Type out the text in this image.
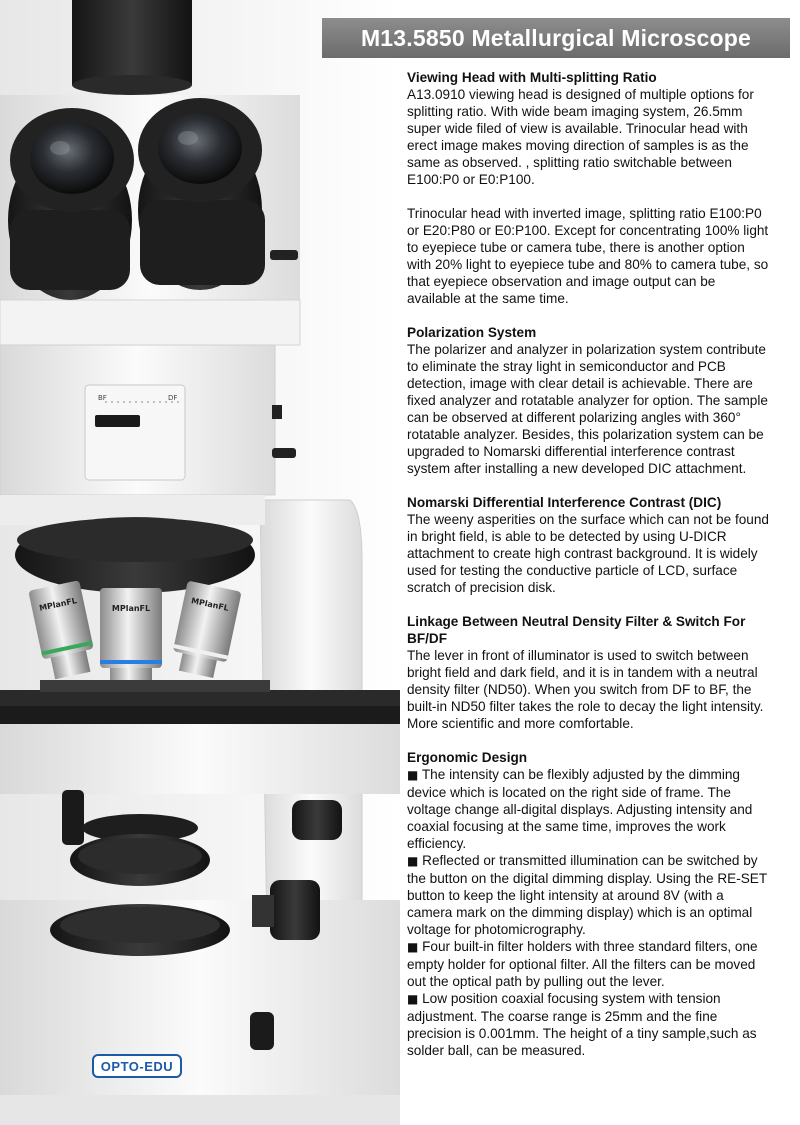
BF	DF
MPlanFL	MPlanFL	MPlanFL
OPTO-EDU
M13.5850 Metallurgical Microscope
Viewing Head with Multi-splitting Ratio

A13.0910 viewing head is designed of multiple options for splitting ratio. With wide beam imaging system, 26.5mm super wide filed of view is available. Trinocular head with erect image makes moving direction of samples is as the same as observed. , splitting ratio switchable between E100:P0 or E0:P100.

Trinocular head with inverted image, splitting ratio E100:P0 or E20:P80 or E0:P100. Except for concentrating 100% light to eyepiece tube or camera tube, there is another option with 20% light to eyepiece tube and 80% to camera tube, so that eyepiece observation and image output can be available at the same time.

Polarization System

The polarizer and analyzer in polarization system contribute to eliminate the stray light in semiconductor and PCB detection, image with clear detail is achievable. There are fixed analyzer and rotatable analyzer for option. The sample can be observed at different polarizing angles with 360° rotatable analyzer. Besides, this polarization system can be upgraded to Nomarski differential interference contrast system after installing a new developed DIC attachment.

Nomarski Differential Interference Contrast (DIC)

The weeny asperities on the surface which can not be found in bright field, is able to be detected by using U-DICR attachment to create high contrast background. It is widely used for testing the conductive particle of LCD, surface scratch of precision disk.

Linkage Between Neutral Density Filter & Switch For BF/DF

The lever in front of illuminator is used to switch between bright field and dark field, and it is in tandem with a neutral density filter (ND50). When you switch from DF to BF, the built-in ND50 filter takes the role to decay the light intensity. More scientific and more comfortable.

Ergonomic Design

■ The intensity can be flexibly adjusted by the dimming device which is located on the right side of frame. The voltage change all-digital displays. Adjusting intensity and coaxial focusing at the same time, improves the work efficiency.

■ Reflected or transmitted illumination can be switched by the button on the digital dimming display. Using the RE-SET button to keep the light intensity at around 8V (with a camera mark on the dimming display) which is an optimal voltage for photomicrography.

■ Four built-in filter holders with three standard filters, one empty holder for optional filter. All the filters can be moved out the optical path by pulling out the lever.

■ Low position coaxial focusing system with tension adjustment. The coarse range is 25mm and the fine precision is 0.001mm. The height of a tiny sample,such as solder ball, can be measured.
